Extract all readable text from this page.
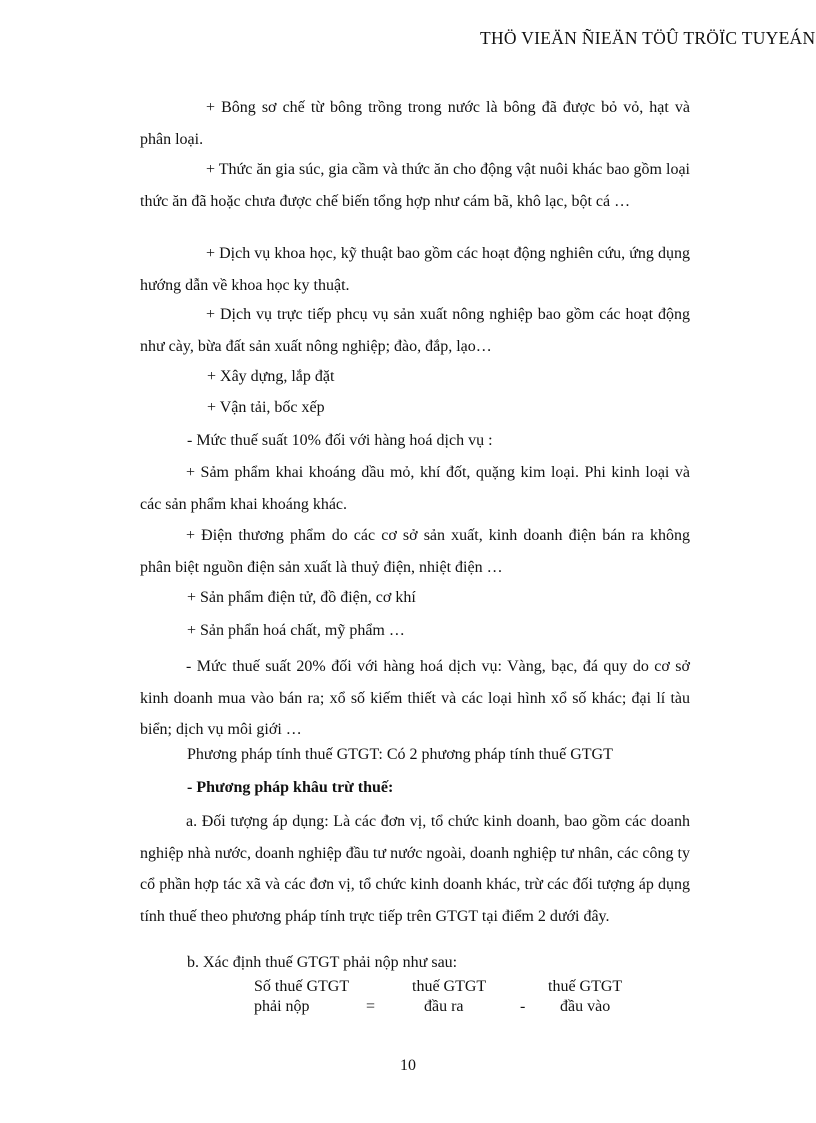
THÖ VIEÄN ÑIEÄN TÖÛ TRÖÏC TUYEÁN

+ Bông sơ chế từ bông trồng trong nước là bông đã được bỏ vỏ, hạt và phân loại.

+ Thức ăn gia súc, gia cầm và thức ăn cho động vật nuôi khác bao gồm loại thức ăn đã hoặc chưa được chế biến tổng hợp như cám bã, khô lạc, bột cá …

+ Dịch vụ khoa học, kỹ thuật bao gồm các hoạt động nghiên cứu, ứng dụng hướng dẫn về khoa học ky thuật.

+ Dịch vụ trực tiếp phcụ vụ sản xuất nông nghiệp bao gồm các hoạt động như cày, bừa đất sản xuất nông nghiệp; đào, đắp, lạo…

+ Xây dựng, lắp đặt
+ Vận tải, bốc xếp
- Mức thuế suất 10% đối với hàng hoá dịch vụ :

+ Sảm phẩm khai khoáng dầu mỏ, khí đốt, quặng kim loại. Phi kinh loại và các sản phẩm khai khoáng khác.

+ Điện thương phẩm do các cơ sở sản xuất, kinh doanh điện bán ra không phân biệt nguồn điện sản xuất là thuỷ điện, nhiệt điện …

+ Sản phẩm điện tử, đồ điện, cơ khí
+ Sản phẩn hoá chất, mỹ phẩm …

- Mức thuế suất 20% đối với hàng hoá dịch vụ: Vàng, bạc, đá quy do cơ sở kinh doanh mua vào bán ra; xổ số kiếm thiết và các loại hình xổ số khác; đại lí tàu biển; dịch vụ môi giới …

Phương pháp tính thuế GTGT: Có 2 phương pháp tính thuế GTGT
- Phương pháp khâu trừ thuế:

a. Đối tượng áp dụng: Là các đơn vị, tổ chức kinh doanh, bao gồm các doanh nghiệp nhà nước, doanh nghiệp đầu tư nước ngoài, doanh nghiệp tư nhân, các công ty cổ phần hợp tác xã và các đơn vị, tổ chức kinh doanh khác, trừ các đối tượng áp dụng tính thuế theo phương pháp tính trực tiếp trên GTGT tại điểm 2 dưới đây.

b. Xác định thuế GTGT phải nộp như sau:
Số thuế GTGT	thuế GTGT	thuế GTGT
phải nộp	=	đầu ra	- đầu vào
10
